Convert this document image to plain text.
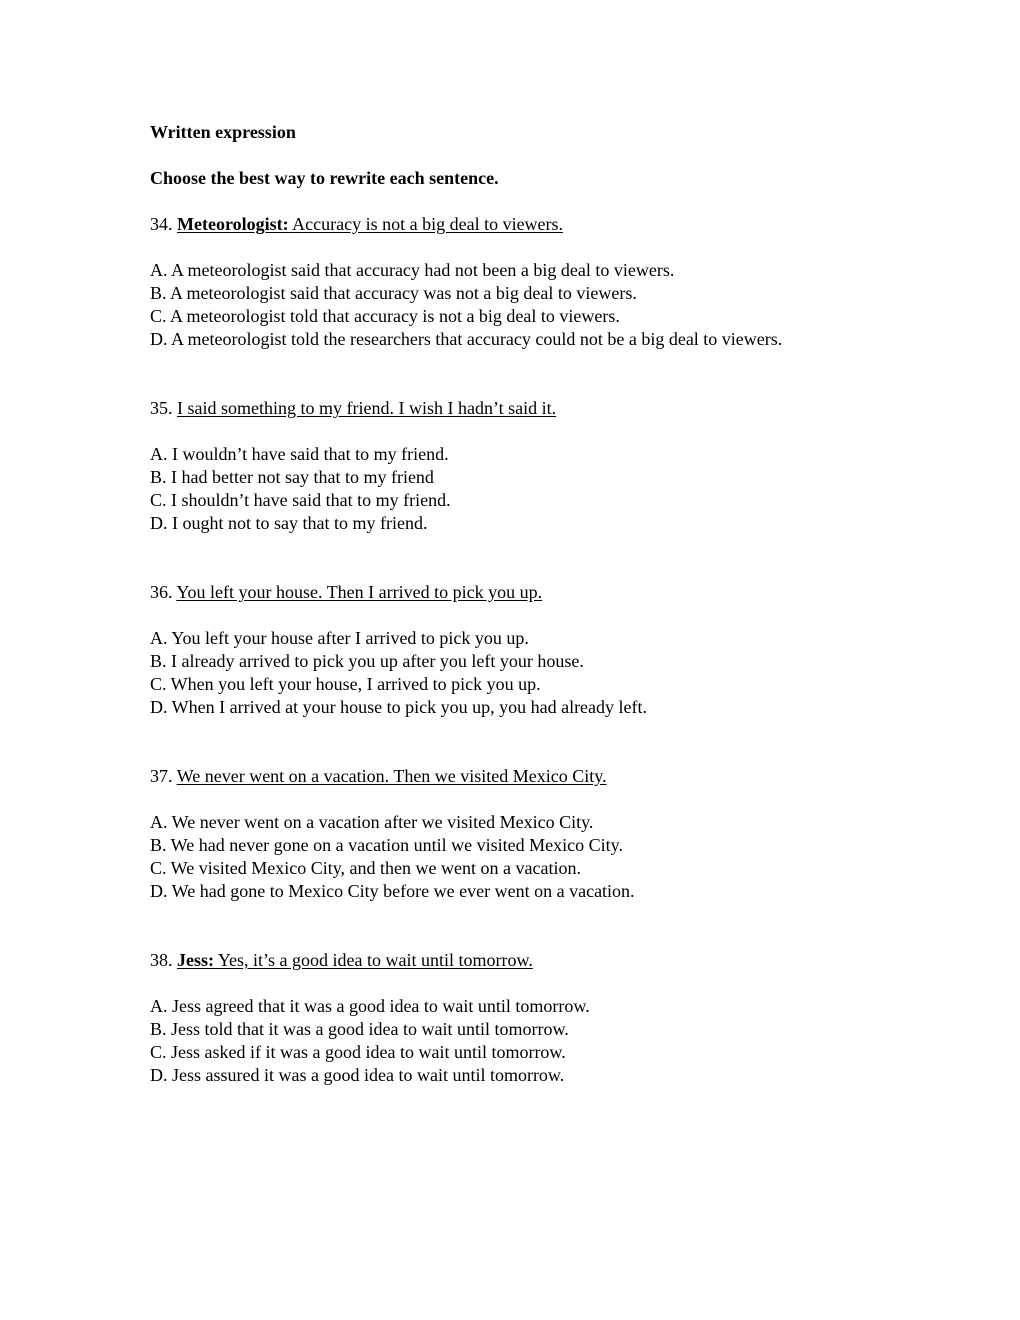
Written expression
Choose the best way to rewrite each sentence.
34. Meteorologist: Accuracy is not a big deal to viewers.
A. A meteorologist said that accuracy had not been a big deal to viewers.
B. A meteorologist said that accuracy was not a big deal to viewers.
C. A meteorologist told that accuracy is not a big deal to viewers.
D. A meteorologist told the researchers that accuracy could not be a big deal to viewers.
35. I said something to my friend. I wish I hadn’t said it.
A. I wouldn’t have said that to my friend.
B. I had better not say that to my friend
C. I shouldn’t have said that to my friend.
D. I ought not to say that to my friend.
36. You left your house. Then I arrived to pick you up.
A. You left your house after I arrived to pick you up.
B. I already arrived to pick you up after you left your house.
C. When you left your house, I arrived to pick you up.
D. When I arrived at your house to pick you up, you had already left.
37. We never went on a vacation. Then we visited Mexico City.
A. We never went on a vacation after we visited Mexico City.
B. We had never gone on a vacation until we visited Mexico City.
C. We visited Mexico City, and then we went on a vacation.
D. We had gone to Mexico City before we ever went on a vacation.
38. Jess: Yes, it’s a good idea to wait until tomorrow.
A. Jess agreed that it was a good idea to wait until tomorrow.
B. Jess told that it was a good idea to wait until tomorrow.
C. Jess asked if it was a good idea to wait until tomorrow.
D. Jess assured it was a good idea to wait until tomorrow.
